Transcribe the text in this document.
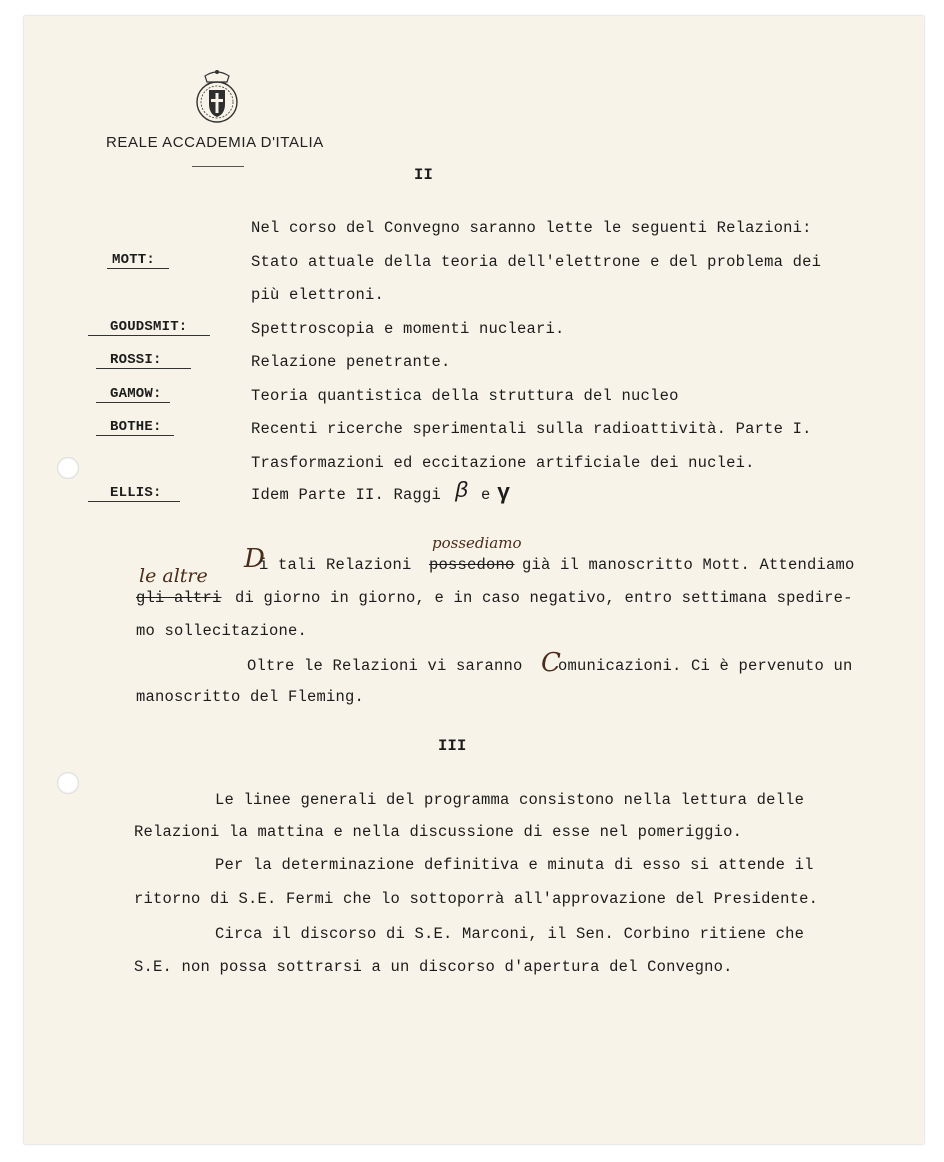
REALE ACCADEMIA D'ITALIA
II
Nel corso del Convegno saranno lette le seguenti Relazioni:
MOTT:	Stato attuale della teoria dell'elettrone e del problema dei
più elettroni.
GOUDSMIT:	Spettroscopia e momenti nucleari.
ROSSI:	Relazione penetrante.
GAMOW:	Teoria quantistica della struttura del nucleo
BOTHE:	Recenti ricerche sperimentali sulla radioattività. Parte I.
Trasformazioni ed eccitazione artificiale dei nuclei.
ELLIS:	Idem Parte II. Raggi β e γ
D
i tali Relazioni
possediamo
possedono già il manoscritto Mott. Attendiamo
le altre
gli altri di giorno in giorno, e in caso negativo, entro settimana spedire-
mo sollecitazione.
Oltre le Relazioni vi saranno C
omunicazioni. Ci è pervenuto un
manoscritto del Fleming.
III
Le linee generali del programma consistono nella lettura delle
Relazioni la mattina e nella discussione di esse nel pomeriggio.
Per la determinazione definitiva e minuta di esso si attende il
ritorno di S.E. Fermi che lo sottoporrà all'approvazione del Presidente.
Circa il discorso di S.E. Marconi, il Sen. Corbino ritiene che
S.E. non possa sottrarsi a un discorso d'apertura del Convegno.
